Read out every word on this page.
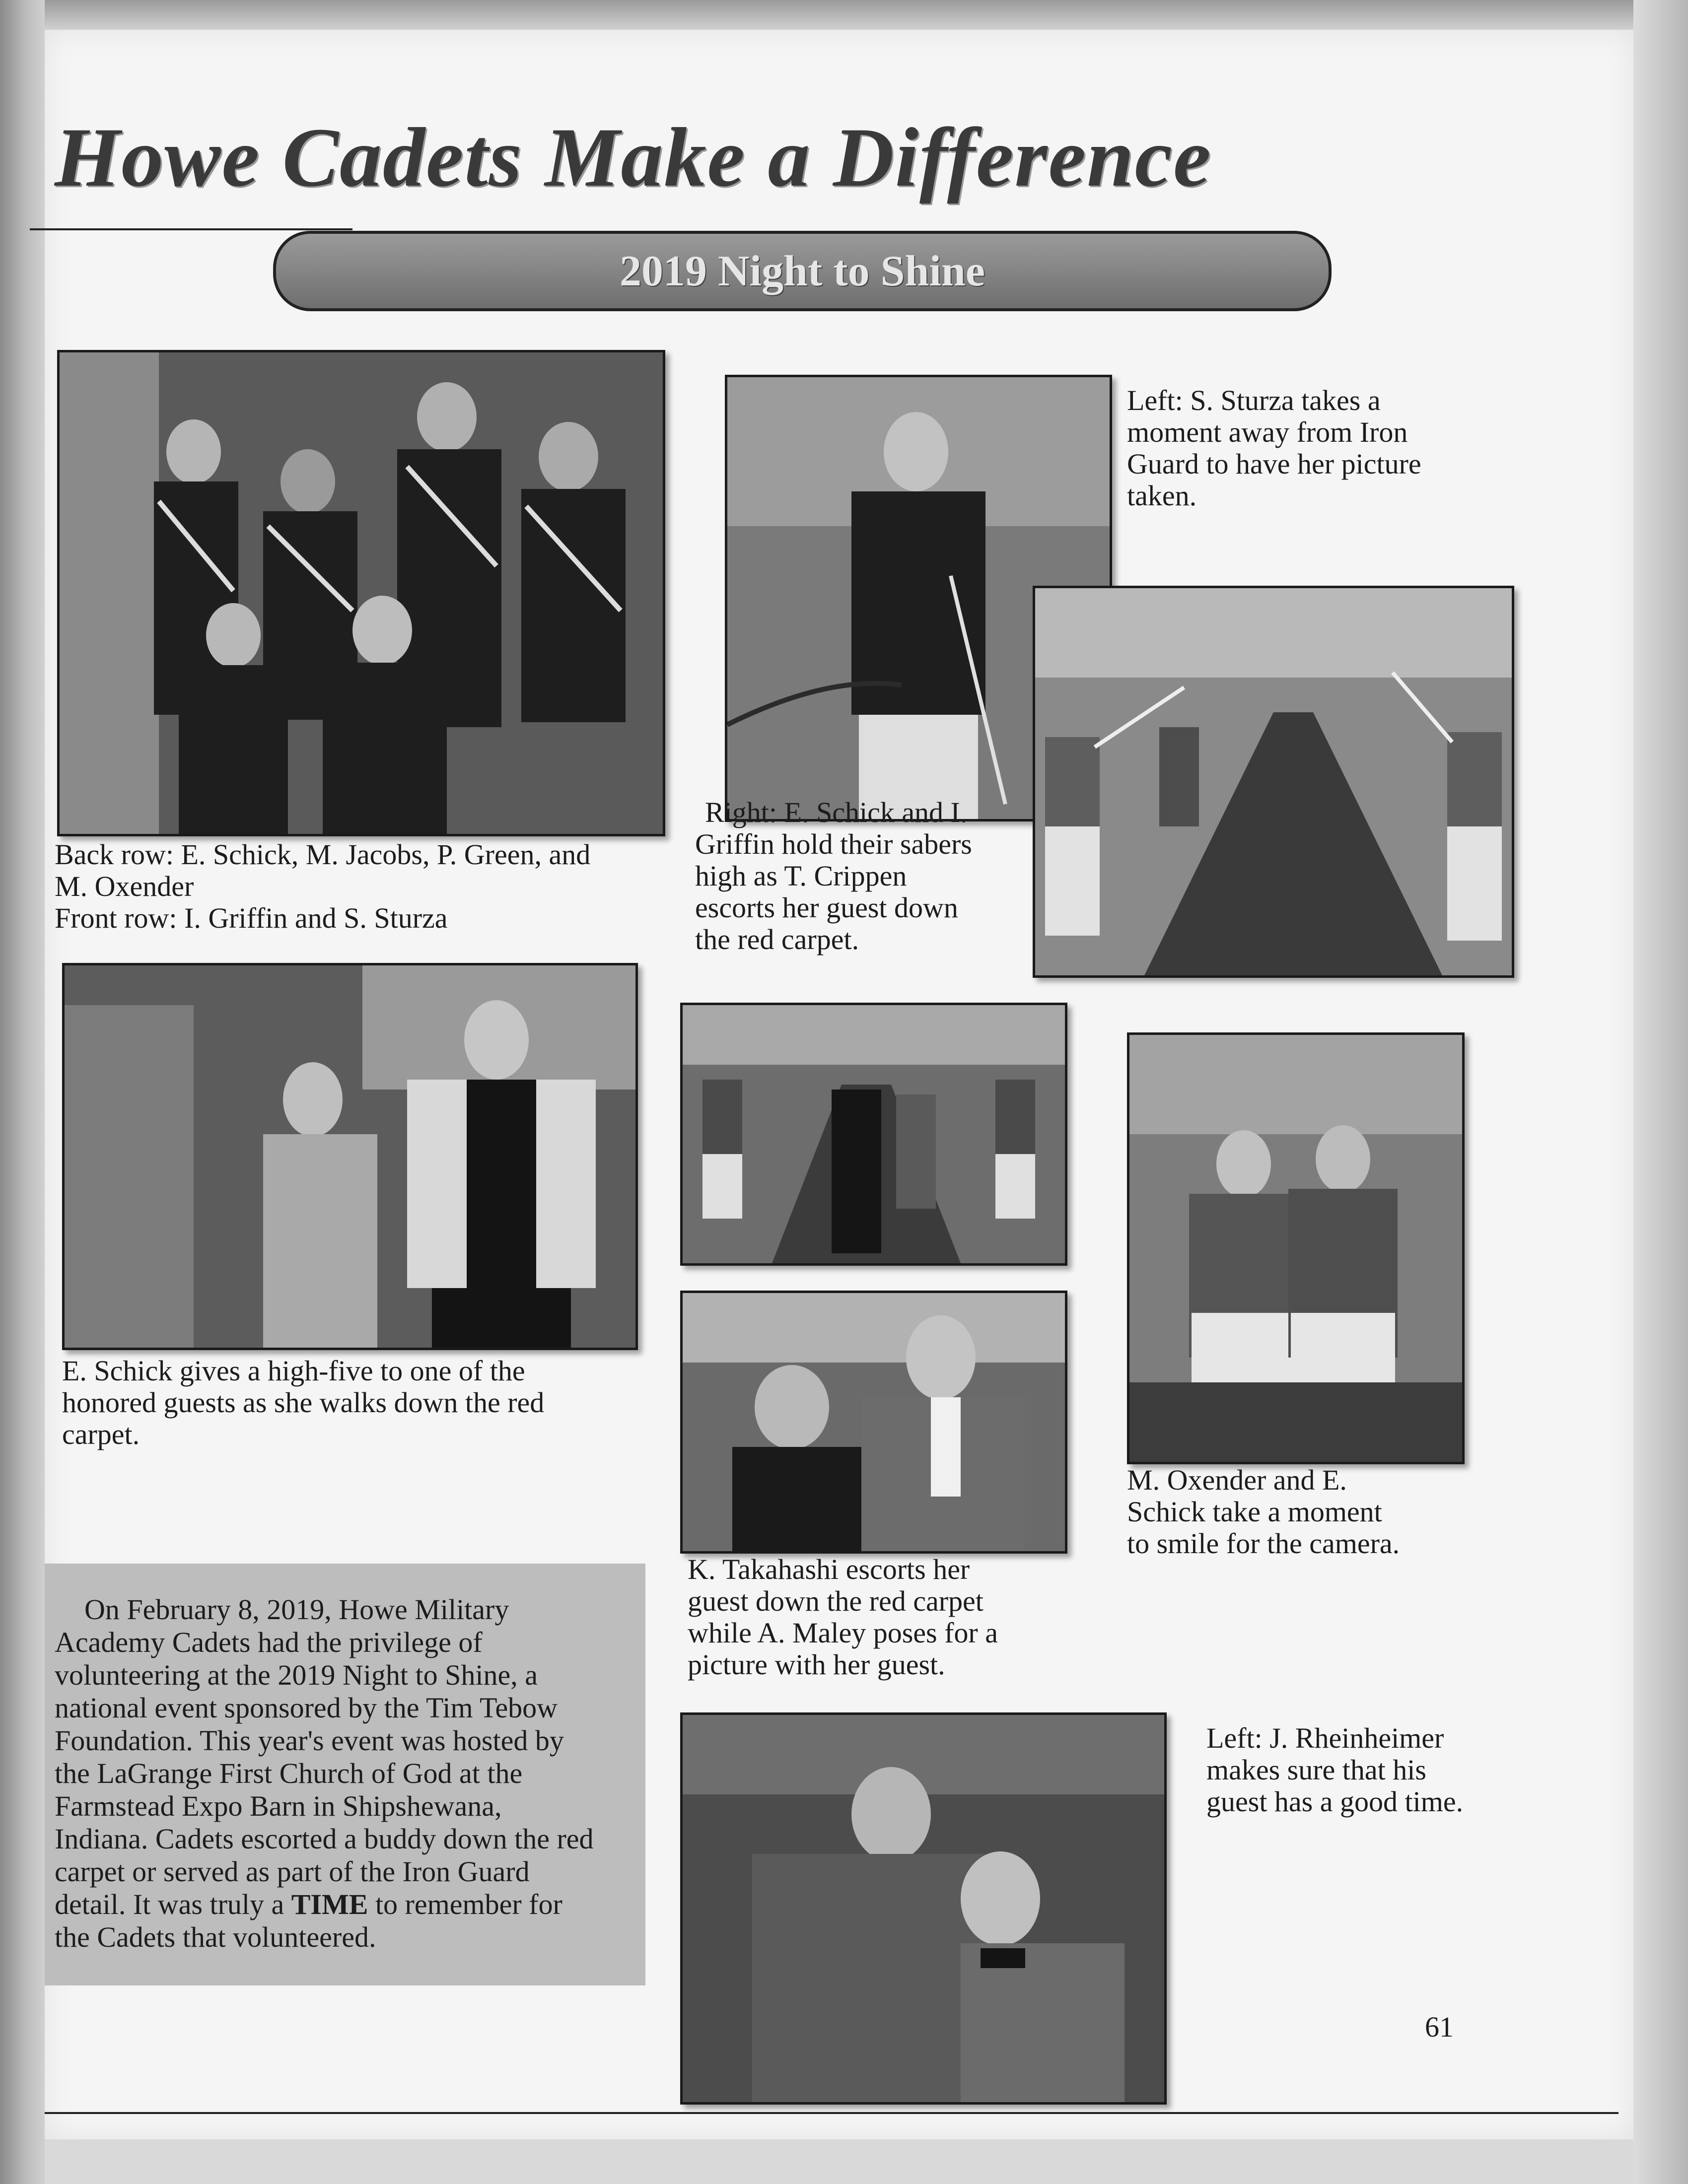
Howe Cadets Make a Difference
2019 Night to Shine
Back row: E. Schick, M. Jacobs, P. Green, and
M. Oxender
Front row: I. Griffin and S. Sturza
Left: S. Sturza takes a
moment away from Iron
Guard to have her picture
taken.
Right: E. Schick and I.
Griffin hold their sabers
high as T. Crippen
escorts her guest down
the red carpet.
E. Schick gives a high-five to one of the
honored guests as she walks down the red
carpet.
M. Oxender and E.
Schick take a moment
to smile for the camera.
K. Takahashi escorts her
guest down the red carpet
while A. Maley poses for a
picture with her guest.
On February 8, 2019, Howe Military
Academy Cadets had the privilege of
volunteering at the 2019 Night to Shine, a
national event sponsored by the Tim Tebow
Foundation. This year's event was hosted by
the LaGrange First Church of God at the
Farmstead Expo Barn in Shipshewana,
Indiana. Cadets escorted a buddy down the red
carpet or served as part of the Iron Guard
detail. It was truly a TIME to remember for
the Cadets that volunteered.
Left: J. Rheinheimer
makes sure that his
guest has a good time.
61
